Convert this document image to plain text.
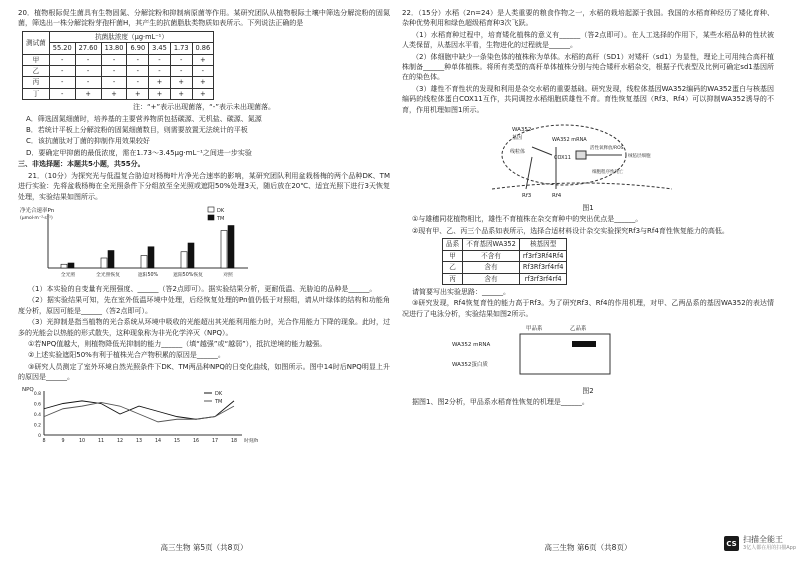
20．植物根际促生菌具有生物固氮、分解淀粉和抑制病原菌等作用。某研究团队从植物根际土壤中筛选分解淀粉的固氮菌，筛选出一株分解淀粉芽孢杆菌H，其产生的抗菌脂肽类物质如表所示。下列说法正确的是
测试菌	抗菌肽浓度（μg·mL⁻¹）						
	55.20	27.60	13.80	6.90	3.45	1.73	0.86
甲	-	-	-	-	-	-	+
乙	-	-	-	-	-	-	-
丙	-	-	-	-	+	+	+
丁	-	+	+	+	+	+	+
注：“+”表示出现菌落，“-”表示未出现菌落。
A．筛选固氮细菌时，培养基的主要营养物质包括碳源、无机盐、碳源、氮源
B．若统计平板上分解淀粉的固氮细菌数目，则需要放置无法统计的平板
C．该抗菌肽对丁菌的抑制作用效果较好
D．要确定甲抑菌的最低浓度，需在1.73～3.45μg·mL⁻¹之间进一步实验
三、非选择题：本题共5小题，共55分。
21．（10分）为探究光与低温复合胁迫对杨梅叶片净光合速率的影响，某研究团队利用盆栽杨梅的两个品种DK、TM进行实验：先将盆栽杨梅在全光照条件下分组放至全光照或遮阳50%处理3天，随后放在20℃、适宜光照下进行3天恢复处理，实验结果如图所示。
净光合速率Pn
(μmol·m⁻²·s⁻¹)
全光照	全光照恢复	遮阳50%	遮阳50%恢复	对照
DK
TM
（1）本实验的自变量有光照强度、______（答2点即可）。据实验结果分析，更耐低温、光胁迫的品种是______。
（2）据实验结果可知，先在室外低温环境中处理，后经恢复处理的Pn值仍低于对照组，请从叶绿体的结构和功能角度分析，原因可能是______（答2点即可）。
（3）光抑制是指当植物的光合系统从环境中吸收的光能超出其光能利用能力时，光合作用能力下降的现象。此时，过多的光能会以热能的形式散失，这种现象称为非光化学淬灭（NPQ）。
①若NPQ值越大，则植物降低光抑制的能力______（填“越强”或“越弱”），抵抗逆境的能力越强。
②上述实验遮阳50%有利于植株光合产物积累的原因是______。
③研究人员测定了室外环境自然光照条件下DK、TM两品种NPQ的日变化曲线，如图所示。图中14时后NPQ明显上升的原因是______。
NPQ
0
0.2
0.4
0.6
0.8
8	9	10	11	12	13	14	15	16	17	18 时刻/h
DK
TM
高三生物 第5页（共8页）
22．（15分）水稻（2n=24）是人类重要的粮食作物之一，水稻的栽培起源于我国。我国的水稻育种经历了矮化育种、杂种优势利用和绿色超级稻育种3次飞跃。
（1）水稻育种过程中，培育矮化植株的意义有______（答2点即可）。在人工选择的作用下，某些水稻品种的性状被人类保留，从基因水平看，生物进化的过程就是______。
（2）体细胞中缺少一条染色体的植株称为单体。水稻的高秆（SD1）对矮秆（sd1）为显性，理论上可用纯合高秆植株制备______种单体植株。将所有类型的高秆单体植株分别与纯合矮秆水稻杂交，根据子代表型及比例可确定sd1基因所在的染色体。
（3）雄性不育性状的发现和利用是杂交水稻的重要基础。研究发现，线粒体基因WA352编码的WA352蛋白与核基因编码的线粒体蛋白COX11互作，共同调控水稻细胞质雄性不育。育性恢复基因（Rf3、Rf4）可以抑制WA352诱导的不育，作用机理如图1所示。
WA352
基因
线粒体
WA352 mRNA
COX11
活性氧释放/ROS
细胞程序性死亡
绒毡层细胞
Rf3	Rf4
图1
①与雄穗同花植物相比，雄性不育植株在杂交育种中的突出优点是______。
②现有甲、乙、丙三个品系如表所示，选择合适材料设计杂交实验探究Rf3与Rf4育性恢复能力的高低。
品系	不育基因WA352	核基因型
甲	不含有	rf3rf3Rf4Rf4
乙	含有	Rf3Rf3rf4rf4
丙	含有	rf3rf3rf4rf4
请简要写出实验思路：______。
③研究发现，Rf4恢复育性的能力高于Rf3。为了研究Rf3、Rf4的作用机理，对甲、乙两品系的基因WA352的表达情况进行了电泳分析，实验结果如图2所示。
甲品系	乙品系
WA352 mRNA
WA352蛋白质
图2
据图1、图2分析，甲品系水稻育性恢复的机理是______。
高三生物 第6页（共8页）	CS 扫描全能王
3亿人都在用的扫描App
